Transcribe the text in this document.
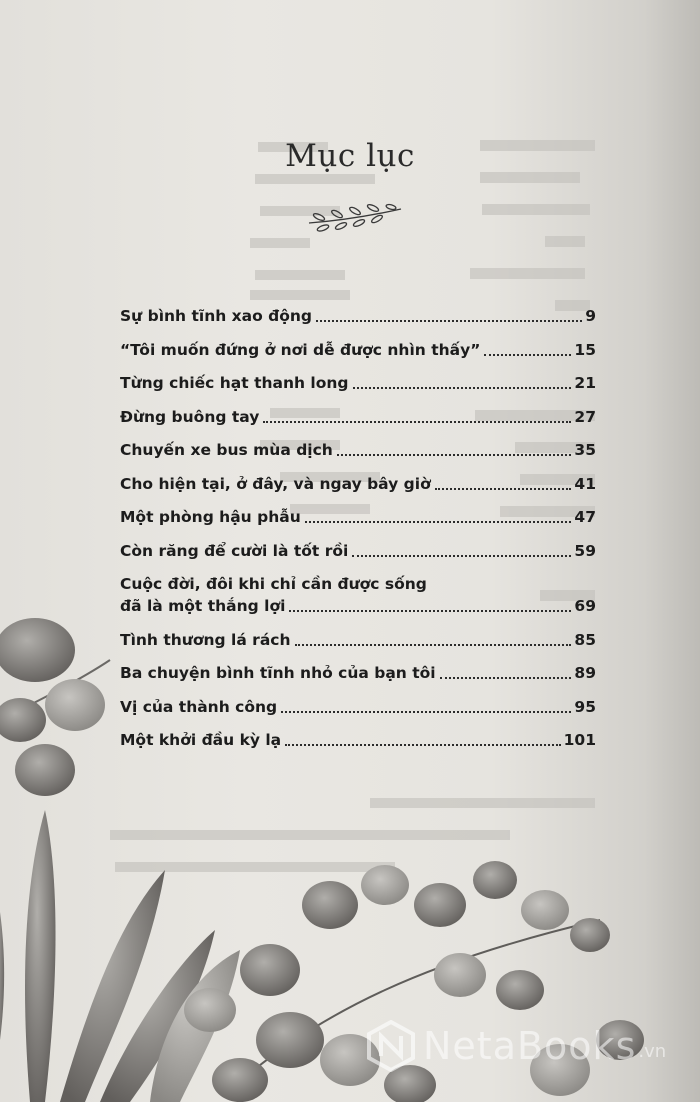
Mục lục
Sự bình tĩnh xao động	9
“Tôi muốn đứng ở nơi dễ được nhìn thấy”	15
Từng chiếc hạt thanh long	21
Đừng buông tay	27
Chuyến xe bus mùa dịch	35
Cho hiện tại, ở đây, và ngay bây giờ	41
Một phòng hậu phẫu	47
Còn răng để cười là tốt rồi	59
Cuộc đời, đôi khi chỉ cần được sống
đã là một thắng lợi	69
Tình thương lá rách	85
Ba chuyện bình tĩnh nhỏ của bạn tôi	89
Vị của thành công	95
Một khởi đầu kỳ lạ	101
NetaBooks .vn
